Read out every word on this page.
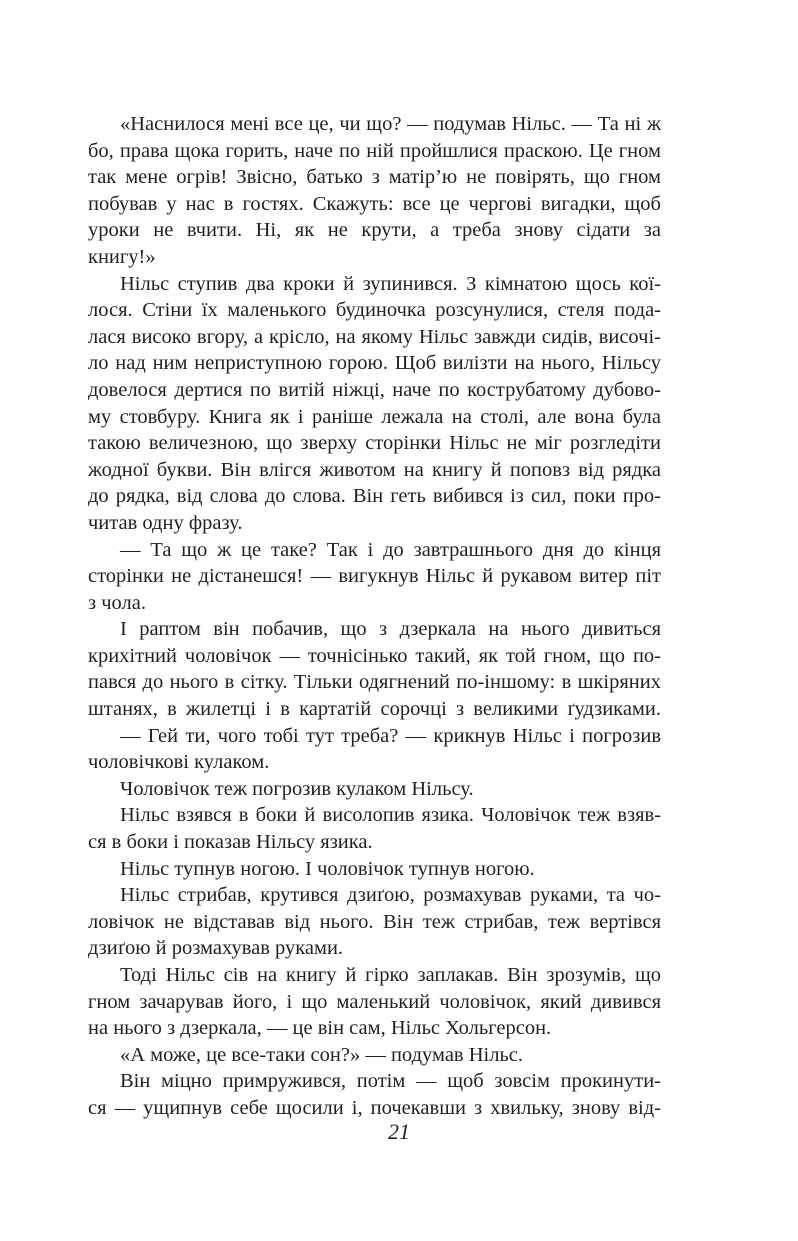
«Наснилося мені все це, чи що? — подумав Нільс. — Та ні ж
бо, права щока горить, наче по ній пройшлися праскою. Це гном
так мене огрів! Звісно, батько з матір’ю не повірять, що гном
побував у нас в гостях. Скажуть: все це чергові вигадки, щоб
уроки не вчити. Ні, як не крути, а треба знову сідати за
книгу!»
Нільс ступив два кроки й зупинився. З кімнатою щось коï-
лося. Стіни їх маленького будиночка розсунулися, стеля пода-
лася високо вгору, а крісло, на якому Нільс завжди сидів, височі-
ло над ним неприступною горою. Щоб вилізти на нього, Нільсу
довелося дертися по витій ніжці, наче по кострубатому дубово-
му стовбуру. Книга як і раніше лежала на столі, але вона була
такою величезною, що зверху сторінки Нільс не міг розгледіти
жодної букви. Він влігся животом на книгу й поповз від рядка
до рядка, від слова до слова. Він геть вибився із сил, поки про-
читав одну фразу.
— Та що ж це таке? Так і до завтрашнього дня до кінця
сторінки не дістанешся! — вигукнув Нільс й рукавом витер піт
з чола.
І раптом він побачив, що з дзеркала на нього дивиться
крихітний чоловічок — точнісінько такий, як той гном, що по-
пався до нього в сітку. Тільки одягнений по-іншому: в шкіряних
штанях, в жилетці і в картатій сорочці з великими ґудзиками.
— Гей ти, чого тобі тут треба? — крикнув Нільс і погрозив
чоловічкові кулаком.
Чоловічок теж погрозив кулаком Нільсу.
Нільс взявся в боки й висолопив язика. Чоловічок теж взяв-
ся в боки і показав Нільсу язика.
Нільс тупнув ногою. І чоловічок тупнув ногою.
Нільс стрибав, крутився дзиґою, розмахував руками, та чо-
ловічок не відставав від нього. Він теж стрибав, теж вертівся
дзиґою й розмахував руками.
Тоді Нільс сів на книгу й гірко заплакав. Він зрозумів, що
гном зачарував його, і що маленький чоловічок, який дивився
на нього з дзеркала, — це він сам, Нільс Хольгерсон.
«А може, це все-таки сон?» — подумав Нільс.
Він міцно примружився, потім — щоб зовсім прокинути-
ся — ущипнув себе щосили і, почекавши з хвильку, знову від-
21
